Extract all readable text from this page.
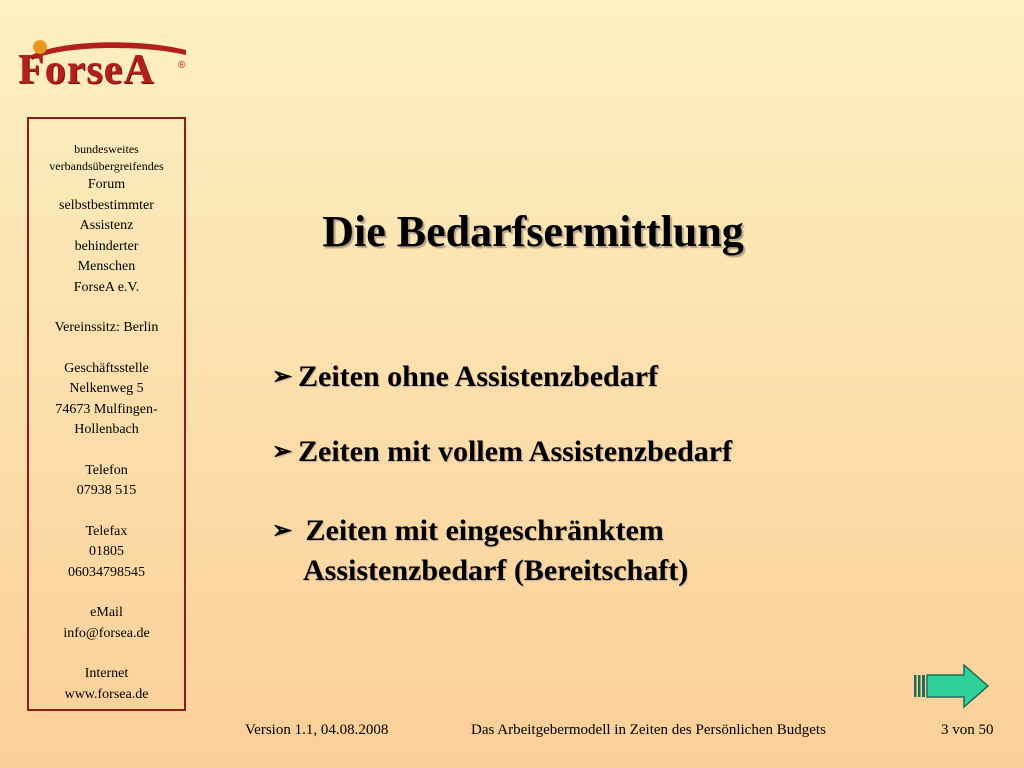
ForseA ®
bundesweites
verbandsübergreifendes
Forum
selbstbestimmter
Assistenz
behinderter
Menschen
ForseA e.V.
Vereinssitz: Berlin
Geschäftsstelle
Nelkenweg 5
74673 Mulfingen-
Hollenbach
Telefon
07938 515
Telefax
01805
06034798545
eMail
info@forsea.de
Internet
www.forsea.de
Die Bedarfsermittlung
➢ Zeiten ohne Assistenzbedarf
➢ Zeiten mit vollem Assistenzbedarf
➢ Zeiten mit eingeschränktem
Assistenzbedarf (Bereitschaft)
Version 1.1, 04.08.2008	Das Arbeitgebermodell in Zeiten des Persönlichen Budgets	3 von 50
